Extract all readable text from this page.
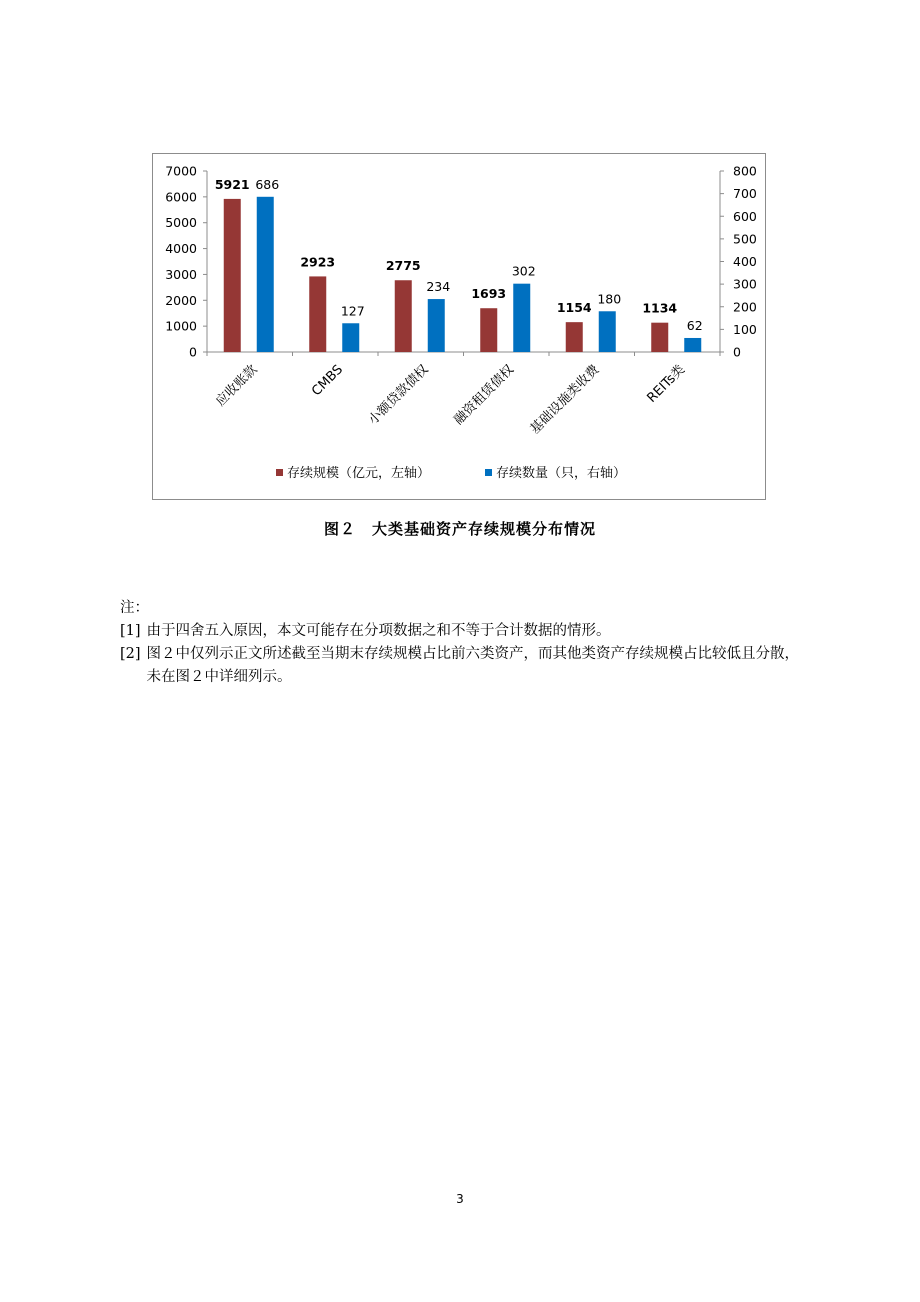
0
1000
2000
3000
4000
5000
6000
7000
0
100
200
300
400
500
600
700
800
5921 686
应收账款
2923
127
CMBS
2775
234
小额贷款债权
1693
302
融资租赁债权
1154
180
基础设施类收费
1134
62
REITs类
存续规模（亿元，左轴）	存续数量（只，右轴）
图２　大类基础资产存续规模分布情况

注：

[1] 由于四舍五入原因，本文可能存在分项数据之和不等于合计数据的情形。

[2] 图２中仅列示正文所述截至当期末存续规模占比前六类资产，而其他类资产存续规模占比较低且分散，未在图２中详细列示。

3
